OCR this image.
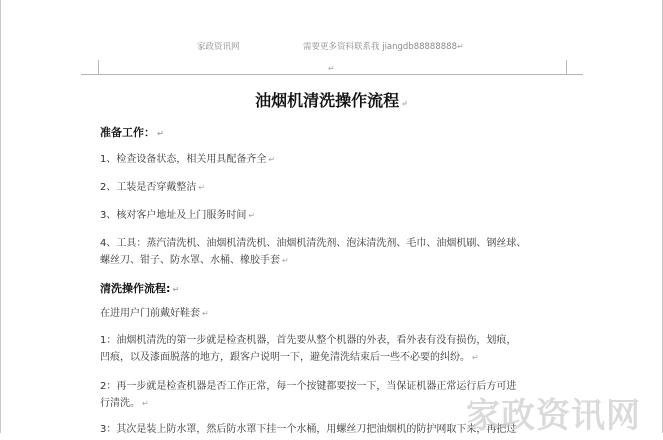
家政资讯网	需要更多资料联系我 jiangdb88888888↵
↵
油烟机清洗操作流程 ↵
准备工作： ↵
1、检查设备状态，相关用具配备齐全 ↵
2、工装是否穿戴整洁 ↵
3、核对客户地址及上门服务时间 ↵
4、工具：蒸汽清洗机、油烟机清洗机、油烟机清洗剂、泡沫清洗剂、毛巾、油烟机刷、钢丝球、
螺丝刀、钳子、防水罩、水桶、橡胶手套 ↵
清洗操作流程: ↵
在进用户门前戴好鞋套 ↵
1：油烟机清洗的第一步就是检查机器，首先要从整个机器的外表，看外表有没有损伤，划痕，
凹痕，以及漆面脱落的地方，跟客户说明一下，避免清洗结束后一些不必要的纠纷。 ↵
2：再一步就是检查机器是否工作正常，每一个按键都要按一下，当保证机器正常运行后方可进
行清洗。 ↵
3：其次是装上防水罩，然后防水罩下挂一个水桶，用螺丝刀把油烟机的防护网取下来，再把过
家政资讯网
